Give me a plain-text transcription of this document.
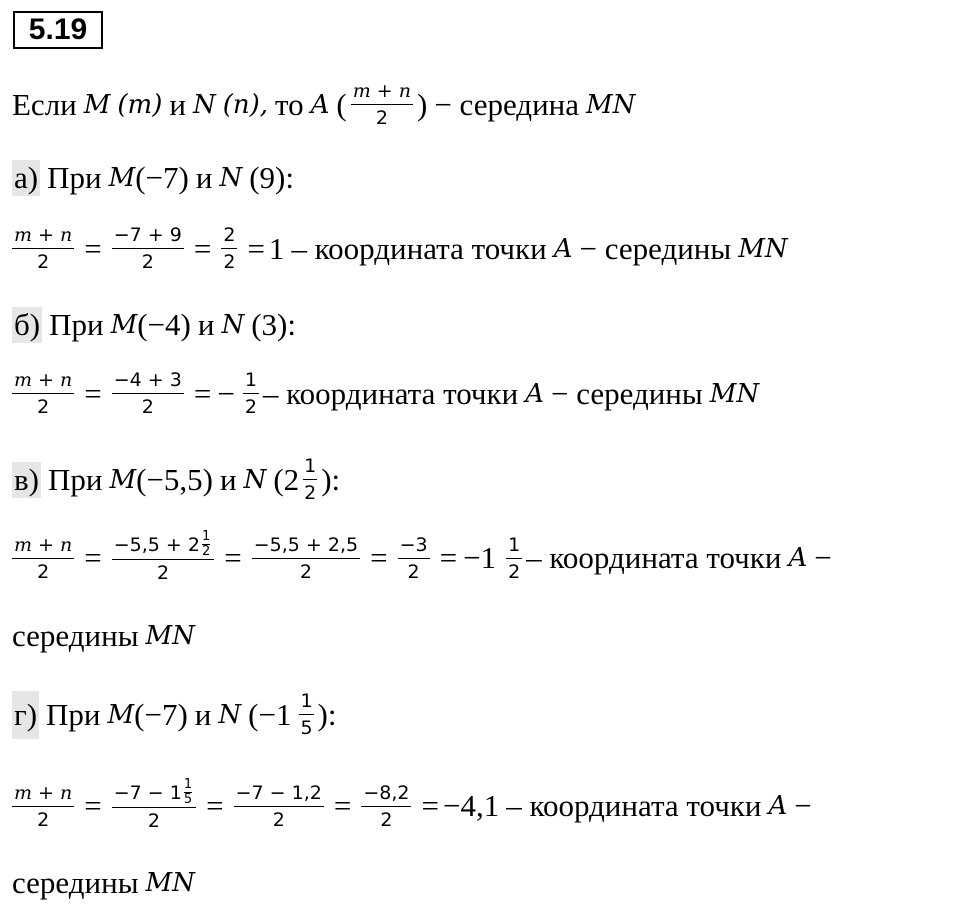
5.19
Если M (m) и N (n), то A ( $\frac{m + n}{2}$ ) − середина MN
а) При M (−7) и N (9):
$\frac{m + n}{2} = \frac{-7 + 9}{2} = \frac{2}{2} = 1$ – координата точки A − середины MN
б) При M (−4) и N (3):
$\frac{m + n}{2} = \frac{-4 + 3}{2}$ = − $\frac{1}{2}$ – координата точки A − середины MN
в) При M (−5,5) и N ($2 \frac{1}{2}$ ):
$\frac{m + n}{2} = \frac{-5,5 + 2 \frac{1}{2}}{2} = \frac{-5,5 + 2,5}{2} = \frac{-3}{2} = -1 \frac{1}{2}$ – координата точки A −
середины MN
г) При M (−7) и N ($-1 \frac{1}{5}$ ):
$\frac{m + n}{2} = \frac{-7 - 1 \frac{1}{5}}{2} = \frac{-7 - 1,2}{2} = \frac{-8,2}{2} = -4,1$ – координата точки A −
середины MN
